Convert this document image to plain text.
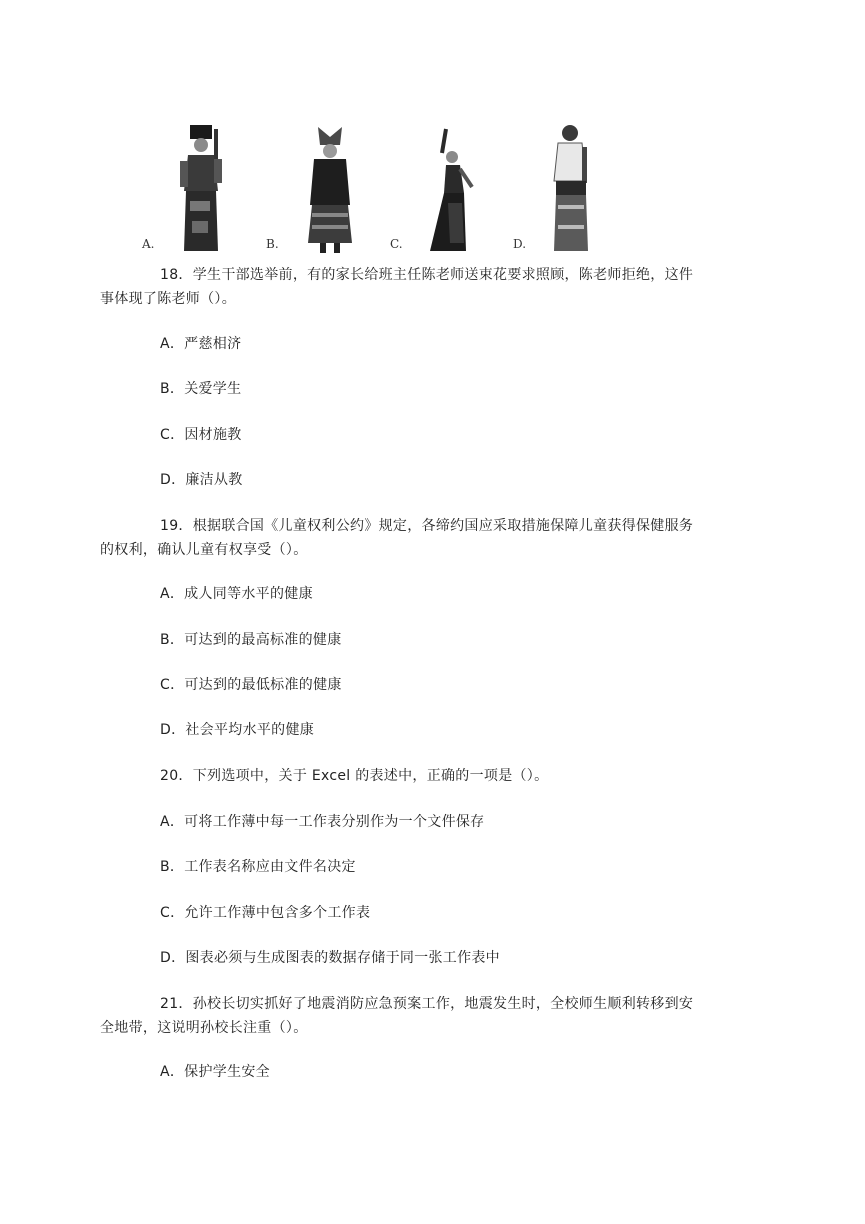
A.	B.	C.	D.
18．学生干部选举前，有的家长给班主任陈老师送束花要求照顾，陈老师拒绝，这件
事体现了陈老师（）。
A．严慈相济
B．关爱学生
C．因材施教
D．廉洁从教
19．根据联合国《儿童权利公约》规定，各缔约国应采取措施保障儿童获得保健服务
的权利，确认儿童有权享受（）。
A．成人同等水平的健康
B．可达到的最高标准的健康
C．可达到的最低标准的健康
D．社会平均水平的健康
20．下列选项中，关于 Excel 的表述中，正确的一项是（）。
A．可将工作薄中每一工作表分别作为一个文件保存
B．工作表名称应由文件名决定
C．允许工作薄中包含多个工作表
D．图表必须与生成图表的数据存储于同一张工作表中
21．孙校长切实抓好了地震消防应急预案工作，地震发生时，全校师生顺利转移到安
全地带，这说明孙校长注重（）。
A．保护学生安全
